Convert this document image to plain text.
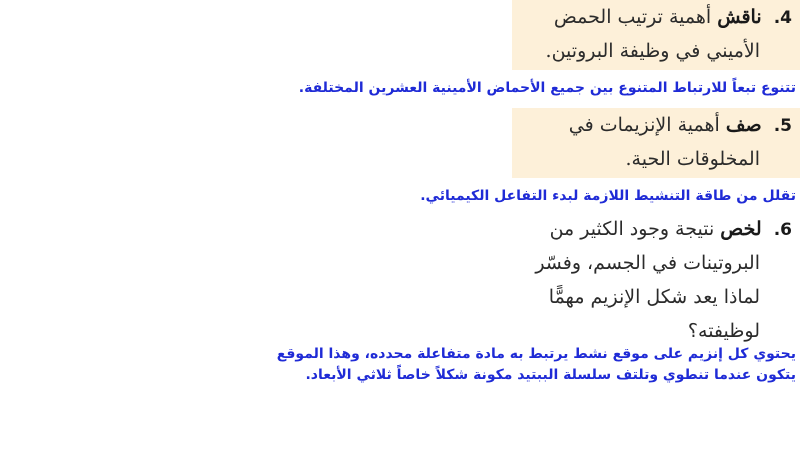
4. ناقش أهمية ترتيب الحمض
الأميني في وظيفة البروتين.
تتنوع تبعاً للارتباط المتنوع بين جميع الأحماض الأمينية العشرين المختلفة.
5. صف أهمية الإنزيمات في
المخلوقات الحية.
تقلل من طاقة التنشيط اللازمة لبدء التفاعل الكيميائي.
6. لخص نتيجة وجود الكثير من
البروتينات في الجسم، وفسّر
لماذا يعد شكل الإنزيم مهمًّا
لوظيفته؟
يحتوي كل إنزيم على موقع نشط يرتبط به مادة متفاعلة محدده، وهذا الموقع
يتكون عندما تنطوي وتلتف سلسلة الببتيد مكونة شكلاً خاصاً ثلاثي الأبعاد.
